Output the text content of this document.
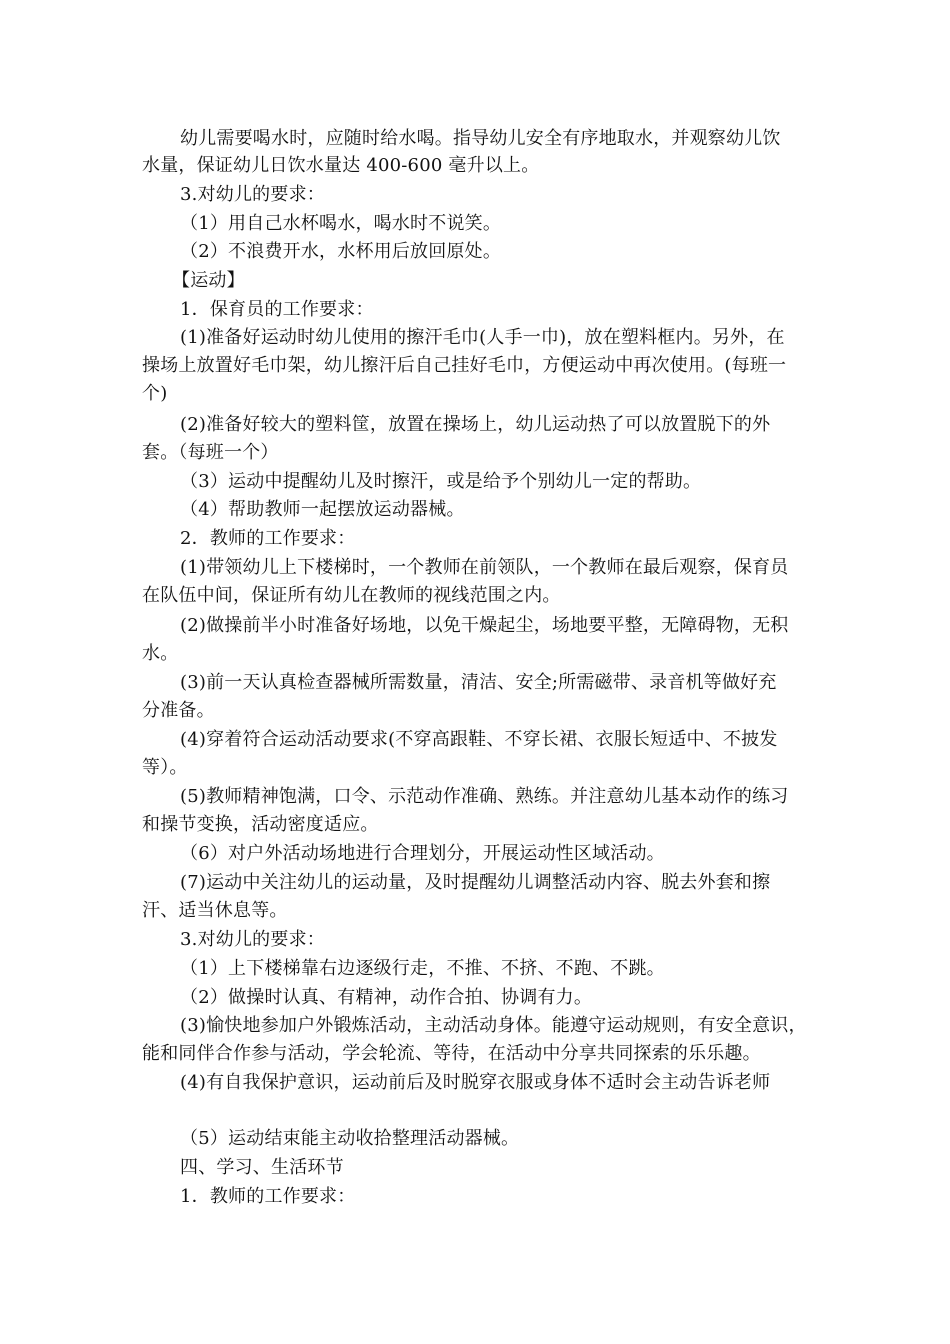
幼儿需要喝水时，应随时给水喝。指导幼儿安全有序地取水，并观察幼儿饮
水量，保证幼儿日饮水量达 400-600 毫升以上。
3.对幼儿的要求：
（1）用自己水杯喝水，喝水时不说笑。
（2）不浪费开水，水杯用后放回原处。
【运动】
1．保育员的工作要求：
(1)准备好运动时幼儿使用的擦汗毛巾(人手一巾)，放在塑料框内。另外，在
操场上放置好毛巾架，幼儿擦汗后自己挂好毛巾，方便运动中再次使用。(每班一
个)
(2)准备好较大的塑料筐，放置在操场上，幼儿运动热了可以放置脱下的外
套。（每班一个）
（3）运动中提醒幼儿及时擦汗，或是给予个别幼儿一定的帮助。
（4）帮助教师一起摆放运动器械。
2．教师的工作要求：
(1)带领幼儿上下楼梯时，一个教师在前领队，一个教师在最后观察，保育员
在队伍中间，保证所有幼儿在教师的视线范围之内。
(2)做操前半小时准备好场地，以免干燥起尘，场地要平整，无障碍物，无积
水。
(3)前一天认真检查器械所需数量，清洁、安全;所需磁带、录音机等做好充
分准备。
(4)穿着符合运动活动要求(不穿高跟鞋、不穿长裙、衣服长短适中、不披发
等）。
(5)教师精神饱满，口令、示范动作准确、熟练。并注意幼儿基本动作的练习
和操节变换，活动密度适应。
（6）对户外活动场地进行合理划分，开展运动性区域活动。
(7)运动中关注幼儿的运动量，及时提醒幼儿调整活动内容、脱去外套和擦
汗、适当休息等。
3.对幼儿的要求：
（1）上下楼梯靠右边逐级行走，不推、不挤、不跑、不跳。
（2）做操时认真、有精神，动作合拍、协调有力。
(3)愉快地参加户外锻炼活动，主动活动身体。能遵守运动规则，有安全意识，
能和同伴合作参与活动，学会轮流、等待，在活动中分享共同探索的乐乐趣。
(4)有自我保护意识，运动前后及时脱穿衣服或身体不适时会主动告诉老师
（5）运动结束能主动收拾整理活动器械。
四、学习、生活环节
1．教师的工作要求：
